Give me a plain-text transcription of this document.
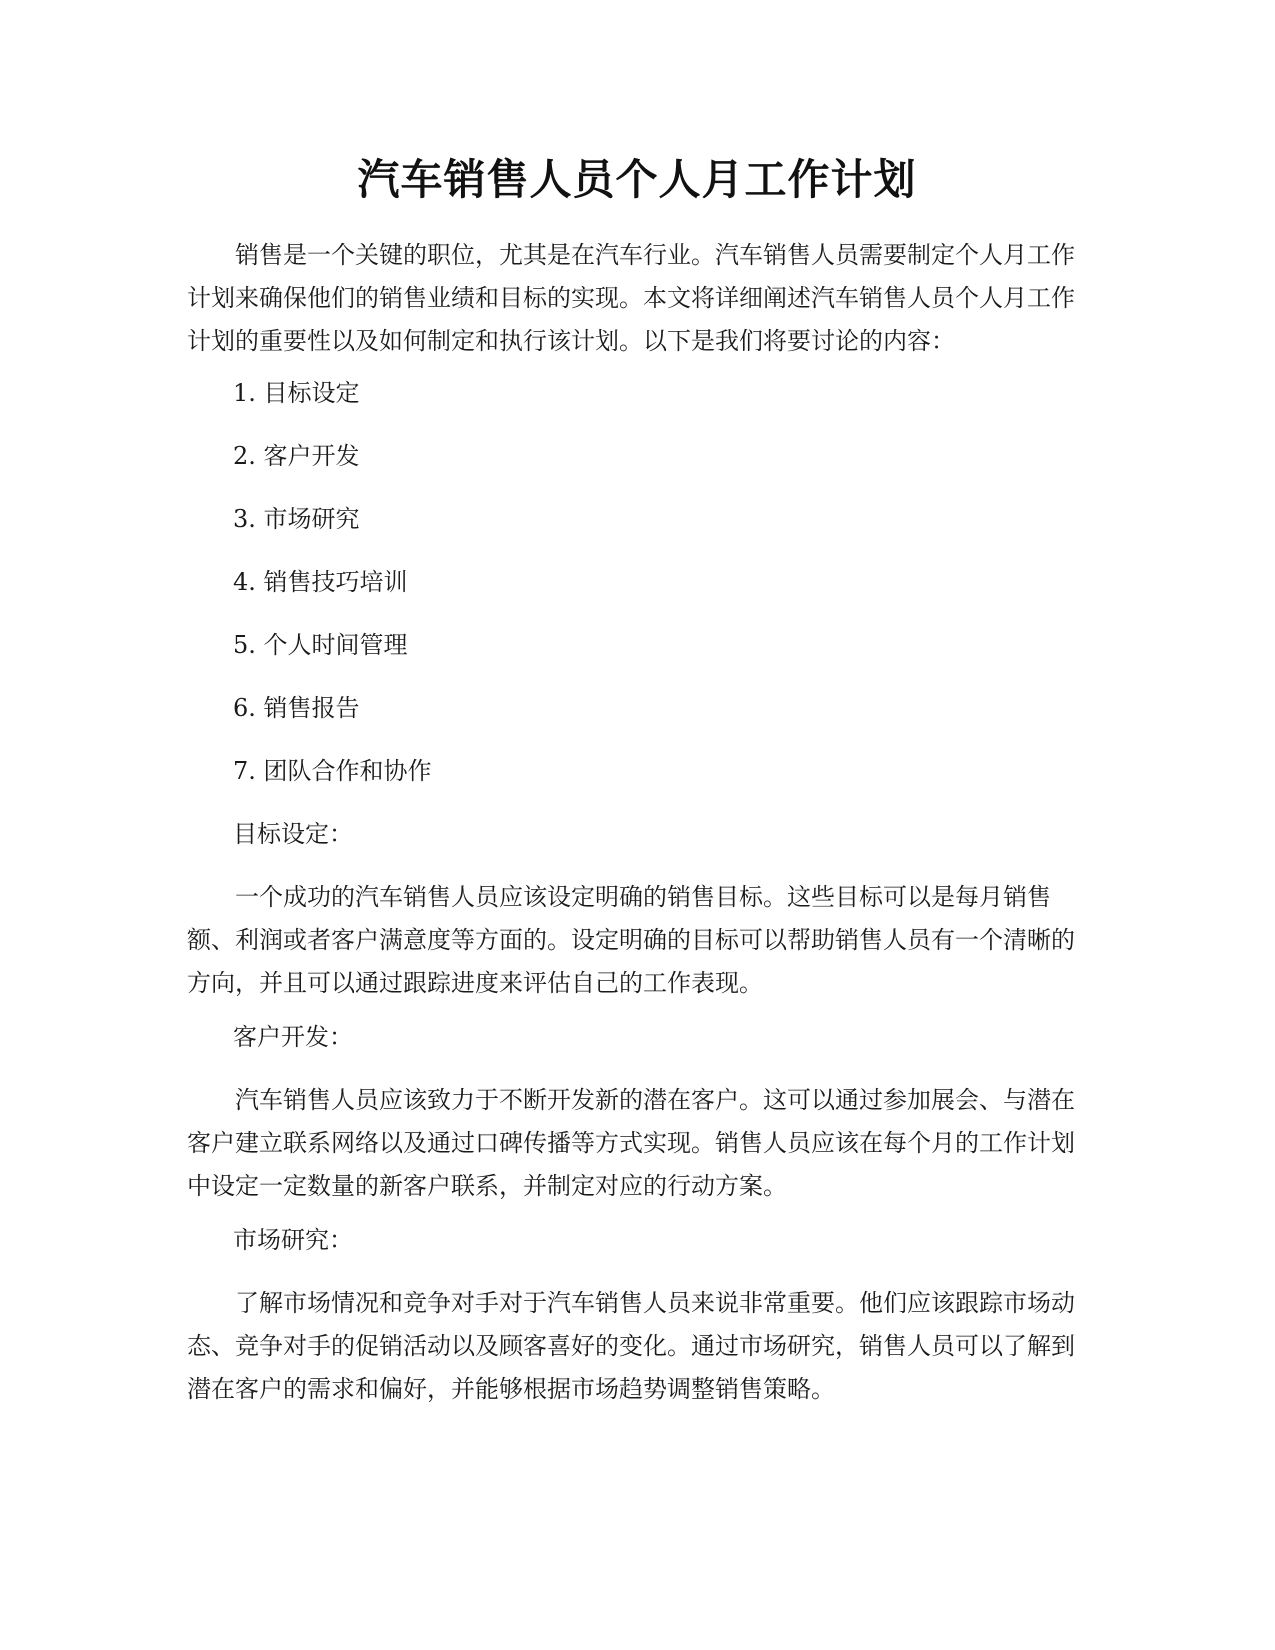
汽车销售人员个人月工作计划

销售是一个关键的职位，尤其是在汽车行业。汽车销售人员需要制定个人月工作计划来确保他们的销售业绩和目标的实现。本文将详细阐述汽车销售人员个人月工作计划的重要性以及如何制定和执行该计划。以下是我们将要讨论的内容：

1. 目标设定

2. 客户开发

3. 市场研究

4. 销售技巧培训

5. 个人时间管理

6. 销售报告

7. 团队合作和协作

目标设定：

一个成功的汽车销售人员应该设定明确的销售目标。这些目标可以是每月销售额、利润或者客户满意度等方面的。设定明确的目标可以帮助销售人员有一个清晰的方向，并且可以通过跟踪进度来评估自己的工作表现。

客户开发：

汽车销售人员应该致力于不断开发新的潜在客户。这可以通过参加展会、与潜在客户建立联系网络以及通过口碑传播等方式实现。销售人员应该在每个月的工作计划中设定一定数量的新客户联系，并制定对应的行动方案。

市场研究：

了解市场情况和竞争对手对于汽车销售人员来说非常重要。他们应该跟踪市场动态、竞争对手的促销活动以及顾客喜好的变化。通过市场研究，销售人员可以了解到潜在客户的需求和偏好，并能够根据市场趋势调整销售策略。
